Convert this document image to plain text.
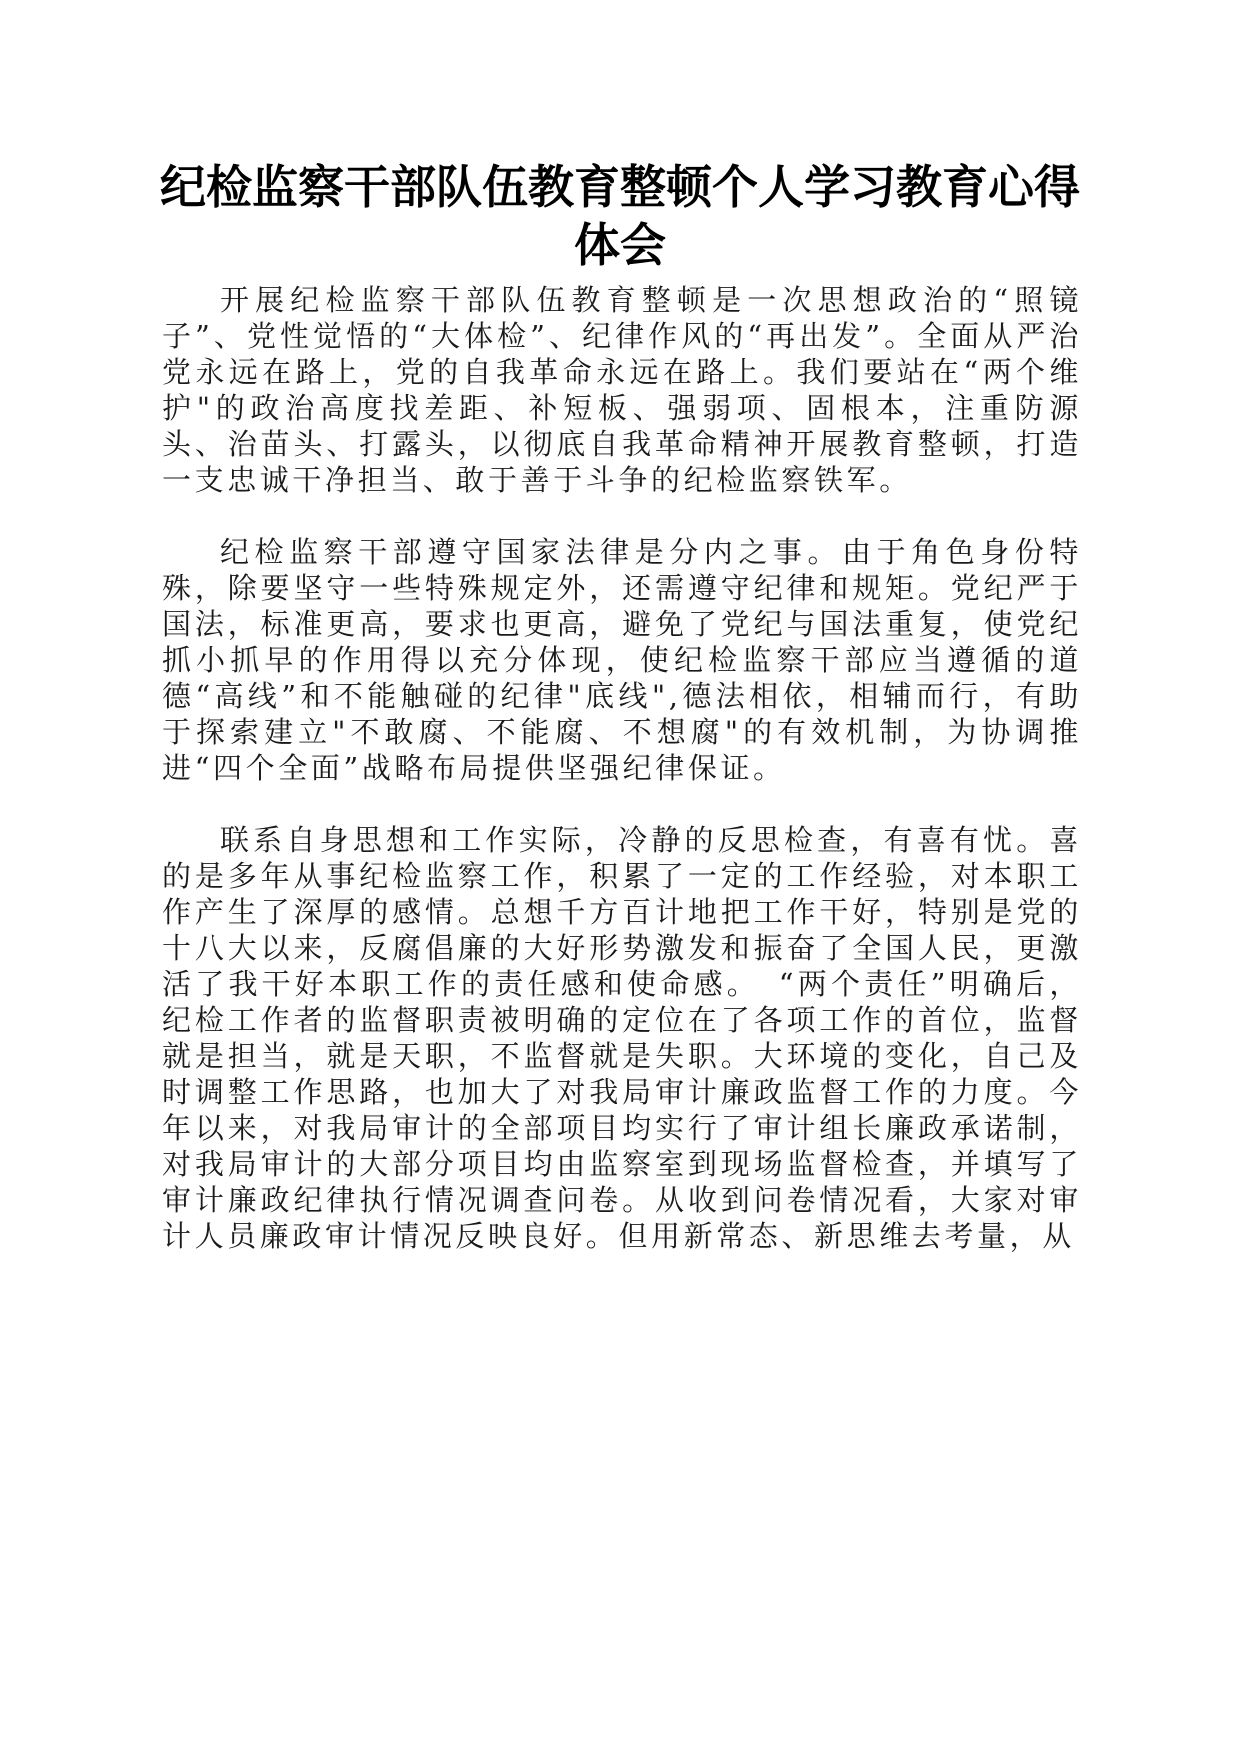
纪检监察干部队伍教育整顿个人学习教育心得
体会

开展纪检监察干部队伍教育整顿是一次思想政治的“照镜子”、党性觉悟的“大体检”、纪律作风的“再出发”。全面从严治党永远在路上，党的自我革命永远在路上。我们要站在“两个维护"的政治高度找差距、补短板、强弱项、固根本，注重防源头、治苗头、打露头，以彻底自我革命精神开展教育整顿，打造一支忠诚干净担当、敢于善于斗争的纪检监察铁军。

纪检监察干部遵守国家法律是分内之事。由于角色身份特殊，除要坚守一些特殊规定外，还需遵守纪律和规矩。党纪严于国法，标准更高，要求也更高，避免了党纪与国法重复，使党纪抓小抓早的作用得以充分体现，使纪检监察干部应当遵循的道德“高线”和不能触碰的纪律"底线",德法相依，相辅而行，有助于探索建立"不敢腐、不能腐、不想腐"的有效机制，为协调推进“四个全面”战略布局提供坚强纪律保证。

联系自身思想和工作实际，冷静的反思检查，有喜有忧。喜的是多年从事纪检监察工作，积累了一定的工作经验，对本职工作产生了深厚的感情。总想千方百计地把工作干好，特别是党的十八大以来，反腐倡廉的大好形势激发和振奋了全国人民，更激活了我干好本职工作的责任感和使命感。　“两个责任”明确后，纪检工作者的监督职责被明确的定位在了各项工作的首位，监督就是担当，就是天职，不监督就是失职。大环境的变化，自己及时调整工作思路，也加大了对我局审计廉政监督工作的力度。今年以来，对我局审计的全部项目均实行了审计组长廉政承诺制，对我局审计的大部分项目均由监察室到现场监督检查，并填写了审计廉政纪律执行情况调查问卷。从收到问卷情况看，大家对审计人员廉政审计情况反映良好。但用新常态、新思维去考量，从
